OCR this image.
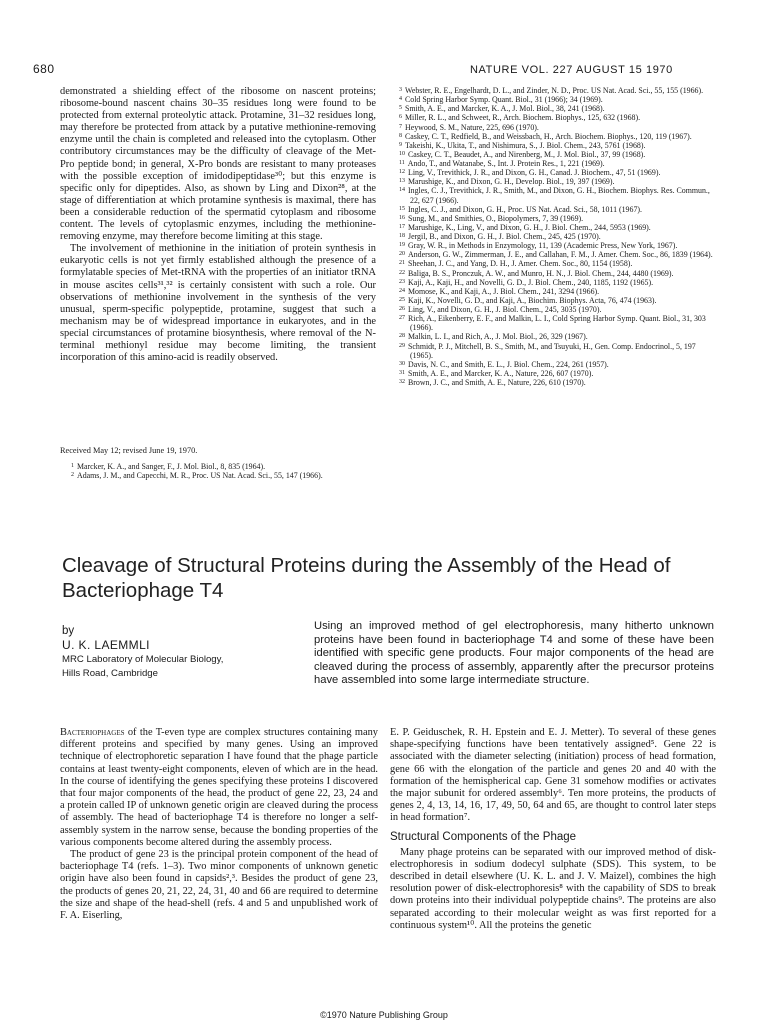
680	NATURE VOL. 227 AUGUST 15 1970

demonstrated a shielding effect of the ribosome on nascent proteins; ribosome-bound nascent chains 30–35 residues long were found to be protected from external proteolytic attack. Protamine, 31–32 residues long, may therefore be protected from attack by a putative methionine-removing enzyme until the chain is completed and released into the cytoplasm. Other contributory circumstances may be the difficulty of cleavage of the Met-Pro peptide bond; in general, X-Pro bonds are resistant to many proteases with the possible exception of imidodipeptidase³⁰; but this enzyme is specific only for dipeptides. Also, as shown by Ling and Dixon²⁸, at the stage of differentiation at which protamine synthesis is maximal, there has been a considerable reduction of the spermatid cytoplasm and ribosome content. The levels of cytoplasmic enzymes, including the methionine-removing enzyme, may therefore become limiting at this stage.

The involvement of methionine in the initiation of protein synthesis in eukaryotic cells is not yet firmly established although the presence of a formylatable species of Met-tRNA with the properties of an initiator tRNA in mouse ascites cells³¹,³² is certainly consistent with such a role. Our observations of methionine involvement in the synthesis of the very unusual, sperm-specific polypeptide, protamine, suggest that such a mechanism may be of widespread importance in eukaryotes, and in the special circumstances of protamine biosynthesis, where removal of the N-terminal methionyl residue may become limiting, the transient incorporation of this amino-acid is readily observed.

Received May 12; revised June 19, 1970.
$^1$ Marcker, K. A., and Sanger, F., J. Mol. Biol., 8, 835 (1964).
$^2$ Adams, J. M., and Capecchi, M. R., Proc. US Nat. Acad. Sci., 55, 147 (1966).
$^3$ Webster, R. E., Engelhardt, D. L., and Zinder, N. D., Proc. US Nat. Acad. Sci., 55, 155 (1966).
$^4$ Cold Spring Harbor Symp. Quant. Biol., 31 (1966); 34 (1969).
$^5$ Smith, A. E., and Marcker, K. A., J. Mol. Biol., 38, 241 (1968).
$^6$ Miller, R. L., and Schweet, R., Arch. Biochem. Biophys., 125, 632 (1968).
$^7$ Heywood, S. M., Nature, 225, 696 (1970).
$^8$ Caskey, C. T., Redfield, B., and Weissbach, H., Arch. Biochem. Biophys., 120, 119 (1967).
$^9$ Takeishi, K., Ukita, T., and Nishimura, S., J. Biol. Chem., 243, 5761 (1968).
$^{10}$ Caskey, C. T., Beaudet, A., and Nirenberg, M., J. Mol. Biol., 37, 99 (1968).
$^{11}$ Ando, T., and Watanabe, S., Int. J. Protein Res., 1, 221 (1969).
$^{12}$ Ling, V., Trevithick, J. R., and Dixon, G. H., Canad. J. Biochem., 47, 51 (1969).
$^{13}$ Marushige, K., and Dixon, G. H., Develop. Biol., 19, 397 (1969).
$^{14}$ Ingles, C. J., Trevithick, J. R., Smith, M., and Dixon, G. H., Biochem. Biophys. Res. Commun., 22, 627 (1966).
$^{15}$ Ingles, C. J., and Dixon, G. H., Proc. US Nat. Acad. Sci., 58, 1011 (1967).
$^{16}$ Sung, M., and Smithies, O., Biopolymers, 7, 39 (1969).
$^{17}$ Marushige, K., Ling, V., and Dixon, G. H., J. Biol. Chem., 244, 5953 (1969).
$^{18}$ Jergil, B., and Dixon, G. H., J. Biol. Chem., 245, 425 (1970).
$^{19}$ Gray, W. R., in Methods in Enzymology, 11, 139 (Academic Press, New York, 1967).
$^{20}$ Anderson, G. W., Zimmerman, J. E., and Callahan, F. M., J. Amer. Chem. Soc., 86, 1839 (1964).
$^{21}$ Sheehan, J. C., and Yang, D. H., J. Amer. Chem. Soc., 80, 1154 (1958).
$^{22}$ Baliga, B. S., Pronczuk, A. W., and Munro, H. N., J. Biol. Chem., 244, 4480 (1969).
$^{23}$ Kaji, A., Kaji, H., and Novelli, G. D., J. Biol. Chem., 240, 1185, 1192 (1965).
$^{24}$ Momose, K., and Kaji, A., J. Biol. Chem., 241, 3294 (1966).
$^{25}$ Kaji, K., Novelli, G. D., and Kaji, A., Biochim. Biophys. Acta, 76, 474 (1963).
$^{26}$ Ling, V., and Dixon, G. H., J. Biol. Chem., 245, 3035 (1970).
$^{27}$ Rich, A., Eikenberry, E. F., and Malkin, L. I., Cold Spring Harbor Symp. Quant. Biol., 31, 303 (1966).
$^{28}$ Malkin, L. I., and Rich, A., J. Mol. Biol., 26, 329 (1967).
$^{29}$ Schmidt, P. J., Mitchell, B. S., Smith, M., and Tsuyuki, H., Gen. Comp. Endocrinol., 5, 197 (1965).
$^{30}$ Davis, N. C., and Smith, E. L., J. Biol. Chem., 224, 261 (1957).
$^{31}$ Smith, A. E., and Marcker, K. A., Nature, 226, 607 (1970).
$^{32}$ Brown, J. C., and Smith, A. E., Nature, 226, 610 (1970).
Cleavage of Structural Proteins during the Assembly of the Head of Bacteriophage T4
by
U. K. LAEMMLI
MRC Laboratory of Molecular Biology,
Hills Road, Cambridge
Using an improved method of gel electrophoresis, many hitherto unknown proteins have been found in bacteriophage T4 and some of these have been identified with specific gene products. Four major components of the head are cleaved during the process of assembly, apparently after the precursor proteins have assembled into some large intermediate structure.

Bacteriophages of the T-even type are complex structures containing many different proteins and specified by many genes. Using an improved technique of electrophoretic separation I have found that the phage particle contains at least twenty-eight components, eleven of which are in the head. In the course of identifying the genes specifying these proteins I discovered that four major components of the head, the product of gene 22, 23, 24 and a protein called IP of unknown genetic origin are cleaved during the process of assembly. The head of bacteriophage T4 is therefore no longer a self-assembly system in the narrow sense, because the bonding properties of the various components become altered during the assembly process.

The product of gene 23 is the principal protein component of the head of bacteriophage T4 (refs. 1–3). Two minor components of unknown genetic origin have also been found in capsids²,³. Besides the product of gene 23, the products of genes 20, 21, 22, 24, 31, 40 and 66 are required to determine the size and shape of the head-shell (refs. 4 and 5 and unpublished work of F. A. Eiserling,

E. P. Geiduschek, R. H. Epstein and E. J. Metter). To several of these genes shape-specifying functions have been tentatively assigned⁵. Gene 22 is associated with the diameter selecting (initiation) process of head formation, gene 66 with the elongation of the particle and genes 20 and 40 with the formation of the hemispherical cap. Gene 31 somehow modifies or activates the major subunit for ordered assembly⁶. Ten more proteins, the products of genes 2, 4, 13, 14, 16, 17, 49, 50, 64 and 65, are thought to control later steps in head formation⁷.

Structural Components of the Phage

Many phage proteins can be separated with our improved method of disk-electrophoresis in sodium dodecyl sulphate (SDS). This system, to be described in detail elsewhere (U. K. L. and J. V. Maizel), combines the high resolution power of disk-electrophoresis⁸ with the capability of SDS to break down proteins into their individual polypeptide chains⁹. The proteins are also separated according to their molecular weight as was first reported for a continuous system¹⁰. All the proteins the genetic

©1970 Nature Publishing Group
